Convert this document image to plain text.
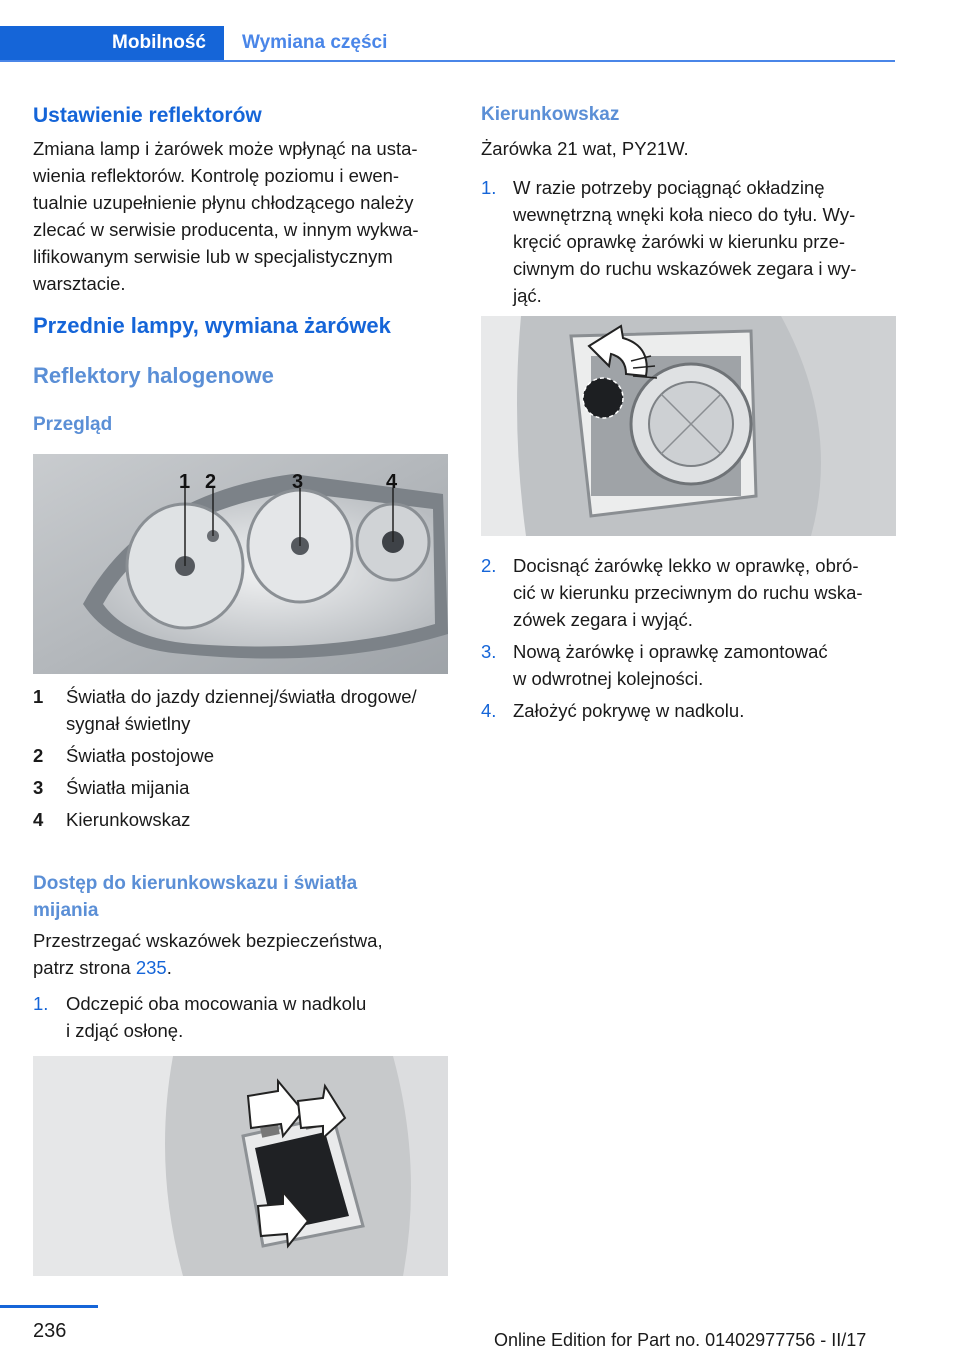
Mobilność	Wymiana części
Ustawienie reflektorów

Zmiana lamp i żarówek może wpłynąć na usta‐

wienia reflektorów. Kontrolę poziomu i ewen‐

tualnie uzupełnienie płynu chłodzącego należy

zlecać w serwisie producenta, w innym wykwa‐

lifikowanym serwisie lub w specjalistycznym

warsztacie.

Przednie lampy, wymiana żarówek
Reflektory halogenowe
Przegląd
1 2	3	4
1 Światła do jazdy dziennej/światła drogowe/

sygnał świetlny

2 Światła postojowe

3 Światła mijania

4 Kierunkowskaz

Dostęp do kierunkowskazu i światła
mijania

Przestrzegać wskazówek bezpieczeństwa,

patrz strona 235.

1. Odczepić oba mocowania w nadkolu

i zdjąć osłonę.

Kierunkowskaz

Żarówka 21 wat, PY21W.

1. W razie potrzeby pociągnąć okładzinę

wewnętrzną wnęki koła nieco do tyłu. Wy‐

kręcić oprawkę żarówki w kierunku prze‐

ciwnym do ruchu wskazówek zegara i wy‐

jąć.

2. Docisnąć żarówkę lekko w oprawkę, obró‐

cić w kierunku przeciwnym do ruchu wska‐

zówek zegara i wyjąć.

3. Nową żarówkę i oprawkę zamontować

w odwrotnej kolejności.

4. Założyć pokrywę w nadkolu.

236	Online Edition for Part no. 01402977756 - II/17
